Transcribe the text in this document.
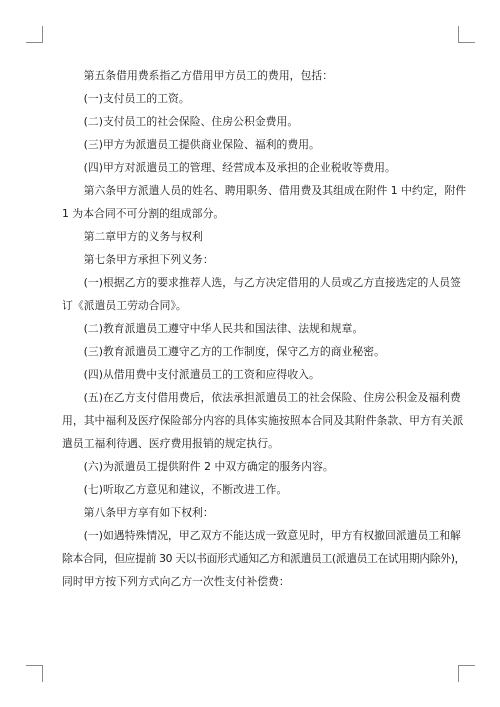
第五条借用费系指乙方借用甲方员工的费用，包括：

(一)支付员工的工资。

(二)支付员工的社会保险、住房公积金费用。

(三)甲方为派遣员工提供商业保险、福利的费用。

(四)甲方对派遣员工的管理、经营成本及承担的企业税收等费用。

第六条甲方派遣人员的姓名、聘用职务、借用费及其组成在附件 1 中约定，附件

1 为本合同不可分割的组成部分。

第二章甲方的义务与权利

第七条甲方承担下列义务：

(一)根据乙方的要求推荐人选，与乙方决定借用的人员或乙方直接选定的人员签

订《派遣员工劳动合同》。

(二)教育派遣员工遵守中华人民共和国法律、法规和规章。

(三)教育派遣员工遵守乙方的工作制度，保守乙方的商业秘密。

(四)从借用费中支付派遣员工的工资和应得收入。

(五)在乙方支付借用费后，依法承担派遣员工的社会保险、住房公积金及福利费

用，其中福利及医疗保险部分内容的具体实施按照本合同及其附件条款、甲方有关派

遣员工福利待遇、医疗费用报销的规定执行。

(六)为派遣员工提供附件 2 中双方确定的服务内容。

(七)听取乙方意见和建议，不断改进工作。

第八条甲方享有如下权利：

(一)如遇特殊情况，甲乙双方不能达成一致意见时，甲方有权撤回派遣员工和解

除本合同，但应提前 30 天以书面形式通知乙方和派遣员工(派遣员工在试用期内除外)，

同时甲方按下列方式向乙方一次性支付补偿费：
